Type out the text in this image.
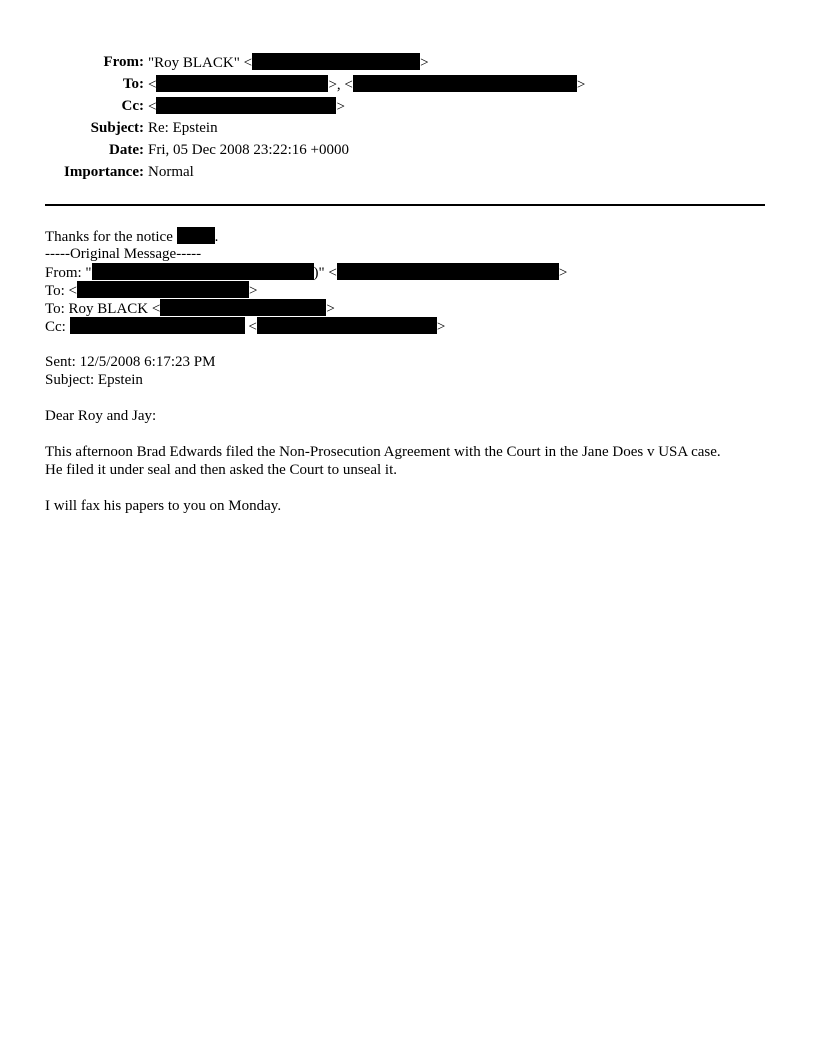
From: "Roy BLACK" <	>
To: <	>, <	>
Cc: <	>
Subject: Re: Epstein
Date: Fri, 05 Dec 2008 23:22:16 +0000
Importance: Normal
Thanks for the notice	.
-----Original Message-----
From: "	)" <	>
To: <	>
To: Roy BLACK <	>
Cc:	<	>
Sent: 12/5/2008 6:17:23 PM
Subject: Epstein
Dear Roy and Jay:
This afternoon Brad Edwards filed the Non-Prosecution Agreement with the Court in the Jane Does v USA case.
He filed it under seal and then asked the Court to unseal it.
I will fax his papers to you on Monday.
